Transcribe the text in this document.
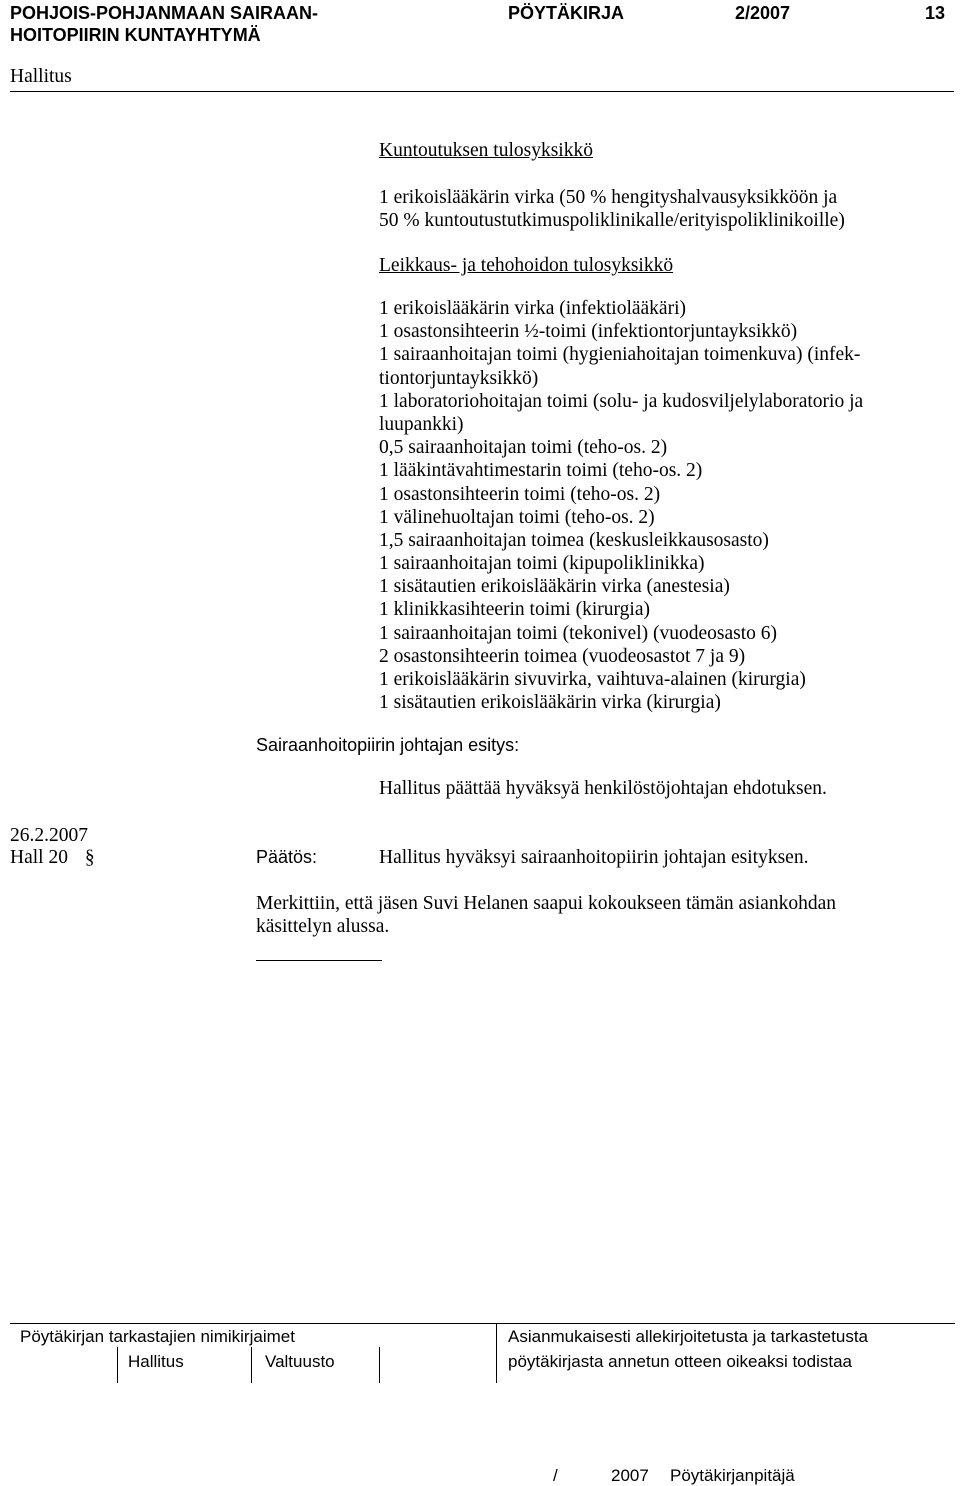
POHJOIS-POHJANMAAN SAIRAAN-
HOITOPIIRIN KUNTAYHTYMÄ
PÖYTÄKIRJA	2/2007	13
Hallitus
Kuntoutuksen tulosyksikkö
1 erikoislääkärin virka (50 % hengityshalvausyksikköön ja
50 % kuntoutustutkimuspoliklinikalle/erityispoliklinikoille)
Leikkaus- ja tehohoidon tulosyksikkö
1 erikoislääkärin virka (infektiolääkäri)
1 osastonsihteerin ½-toimi (infektiontorjuntayksikkö)
1 sairaanhoitajan toimi (hygieniahoitajan toimenkuva) (infek-
tiontorjuntayksikkö)
1 laboratoriohoitajan toimi (solu- ja kudosviljelylaboratorio ja
luupankki)
0,5 sairaanhoitajan toimi (teho-os. 2)
1 lääkintävahtimestarin toimi (teho-os. 2)
1 osastonsihteerin toimi (teho-os. 2)
1 välinehuoltajan toimi (teho-os. 2)
1,5 sairaanhoitajan toimea (keskusleikkausosasto)
1 sairaanhoitajan toimi (kipupoliklinikka)
1 sisätautien erikoislääkärin virka (anestesia)
1 klinikkasihteerin toimi (kirurgia)
1 sairaanhoitajan toimi (tekonivel) (vuodeosasto 6)
2 osastonsihteerin toimea (vuodeosastot 7 ja 9)
1 erikoislääkärin sivuvirka, vaihtuva-alainen (kirurgia)
1 sisätautien erikoislääkärin virka (kirurgia)
Sairaanhoitopiirin johtajan esitys:
Hallitus päättää hyväksyä henkilöstöjohtajan ehdotuksen.
26.2.2007
Hall 20 §	Päätös:	Hallitus hyväksyi sairaanhoitopiirin johtajan esityksen.
Merkittiin, että jäsen Suvi Helanen saapui kokoukseen tämän asiankohdan
käsittelyn alussa.
Pöytäkirjan tarkastajien nimikirjaimet
Hallitus	Valtuusto
Asianmukaisesti allekirjoitetusta ja tarkastetusta
pöytäkirjasta annetun otteen oikeaksi todistaa
/	2007 Pöytäkirjanpitäjä
